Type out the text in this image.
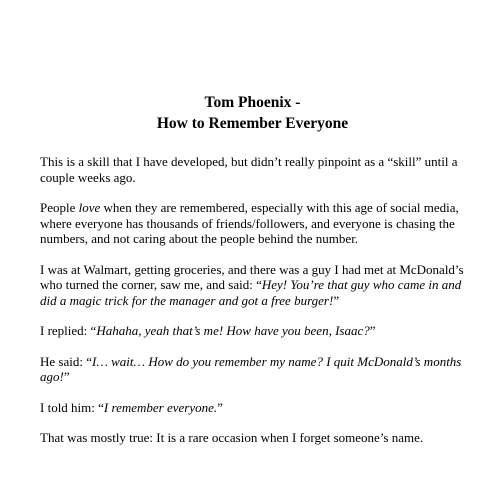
Tom Phoenix -
How to Remember Everyone

This is a skill that I have developed, but didn’t really pinpoint as a “skill” until a couple weeks ago.

People love when they are remembered, especially with this age of social media, where everyone has thousands of friends/followers, and everyone is chasing the numbers, and not caring about the people behind the number.

I was at Walmart, getting groceries, and there was a guy I had met at McDonald’s who turned the corner, saw me, and said: “Hey! You’re that guy who came in and did a magic trick for the manager and got a free burger!”

I replied: “Hahaha, yeah that’s me! How have you been, Isaac?”

He said: “I… wait… How do you remember my name? I quit McDonald’s months ago!”

I told him: “I remember everyone.”

That was mostly true: It is a rare occasion when I forget someone’s name.
